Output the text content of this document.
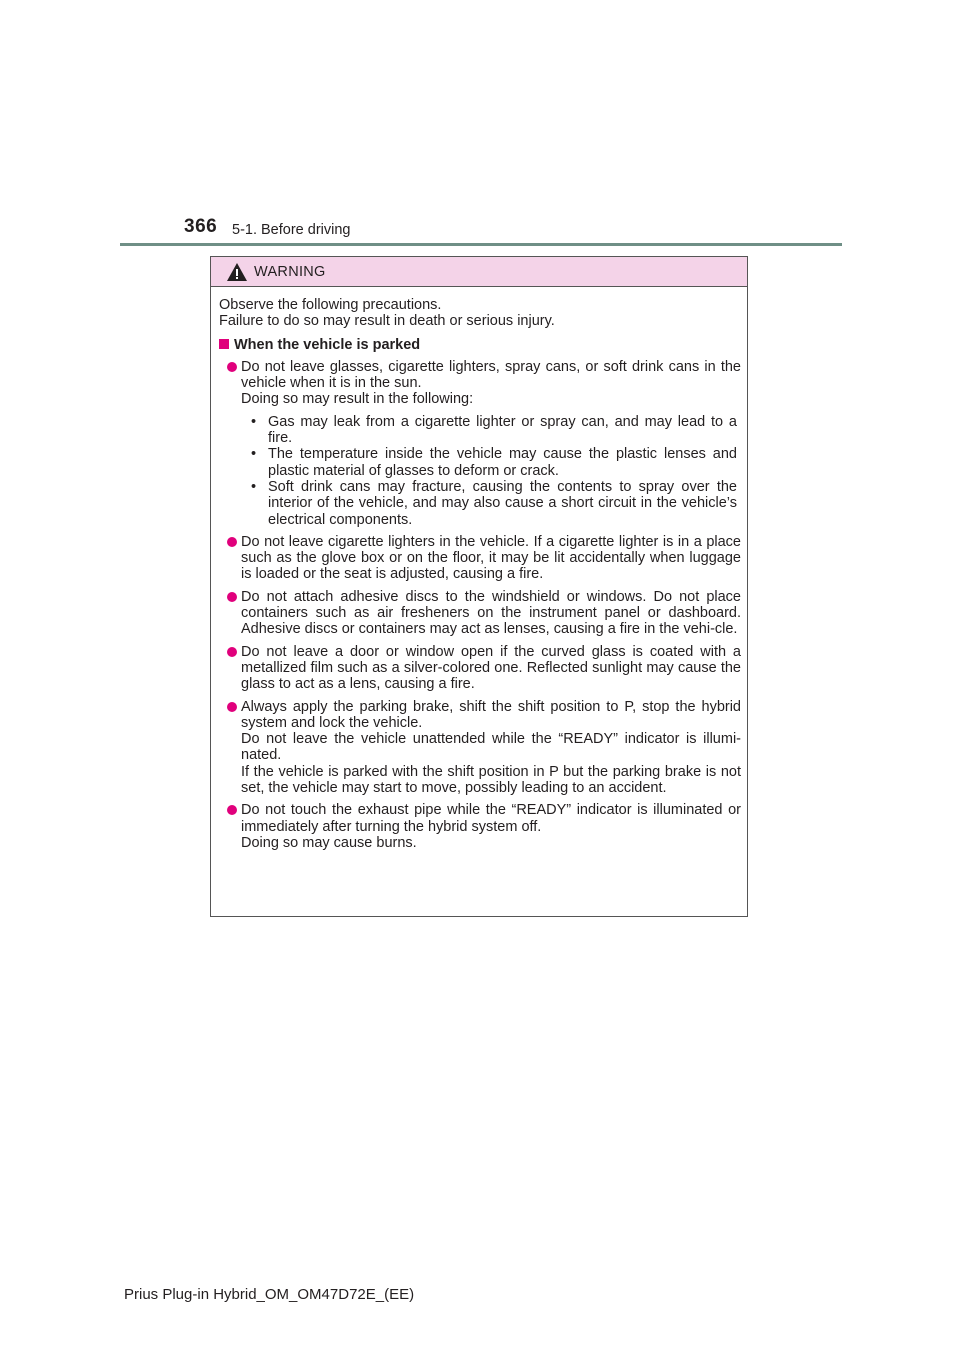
366 5-1. Before driving
WARNING

Observe the following precautions.

Failure to do so may result in death or serious injury.

When the vehicle is parked

Do not leave glasses, cigarette lighters, spray cans, or soft drink cans in the vehicle when it is in the sun.

Doing so may result in the following:

• Gas may leak from a cigarette lighter or spray can, and may lead to a fire.
• The temperature inside the vehicle may cause the plastic lenses and plastic material of glasses to deform or crack.
• Soft drink cans may fracture, causing the contents to spray over the interior of the vehicle, and may also cause a short circuit in the vehicle’s electrical components.

Do not leave cigarette lighters in the vehicle. If a cigarette lighter is in a place such as the glove box or on the floor, it may be lit accidentally when luggage is loaded or the seat is adjusted, causing a fire.

Do not attach adhesive discs to the windshield or windows. Do not place containers such as air fresheners on the instrument panel or dashboard. Adhesive discs or containers may act as lenses, causing a fire in the vehi-cle.

Do not leave a door or window open if the curved glass is coated with a metallized film such as a silver-colored one. Reflected sunlight may cause the glass to act as a lens, causing a fire.

Always apply the parking brake, shift the shift position to P, stop the hybrid system and lock the vehicle.

Do not leave the vehicle unattended while the “READY” indicator is illumi-nated.

If the vehicle is parked with the shift position in P but the parking brake is not set, the vehicle may start to move, possibly leading to an accident.

Do not touch the exhaust pipe while the “READY” indicator is illuminated or immediately after turning the hybrid system off.

Doing so may cause burns.

Prius Plug-in Hybrid_OM_OM47D72E_(EE)
